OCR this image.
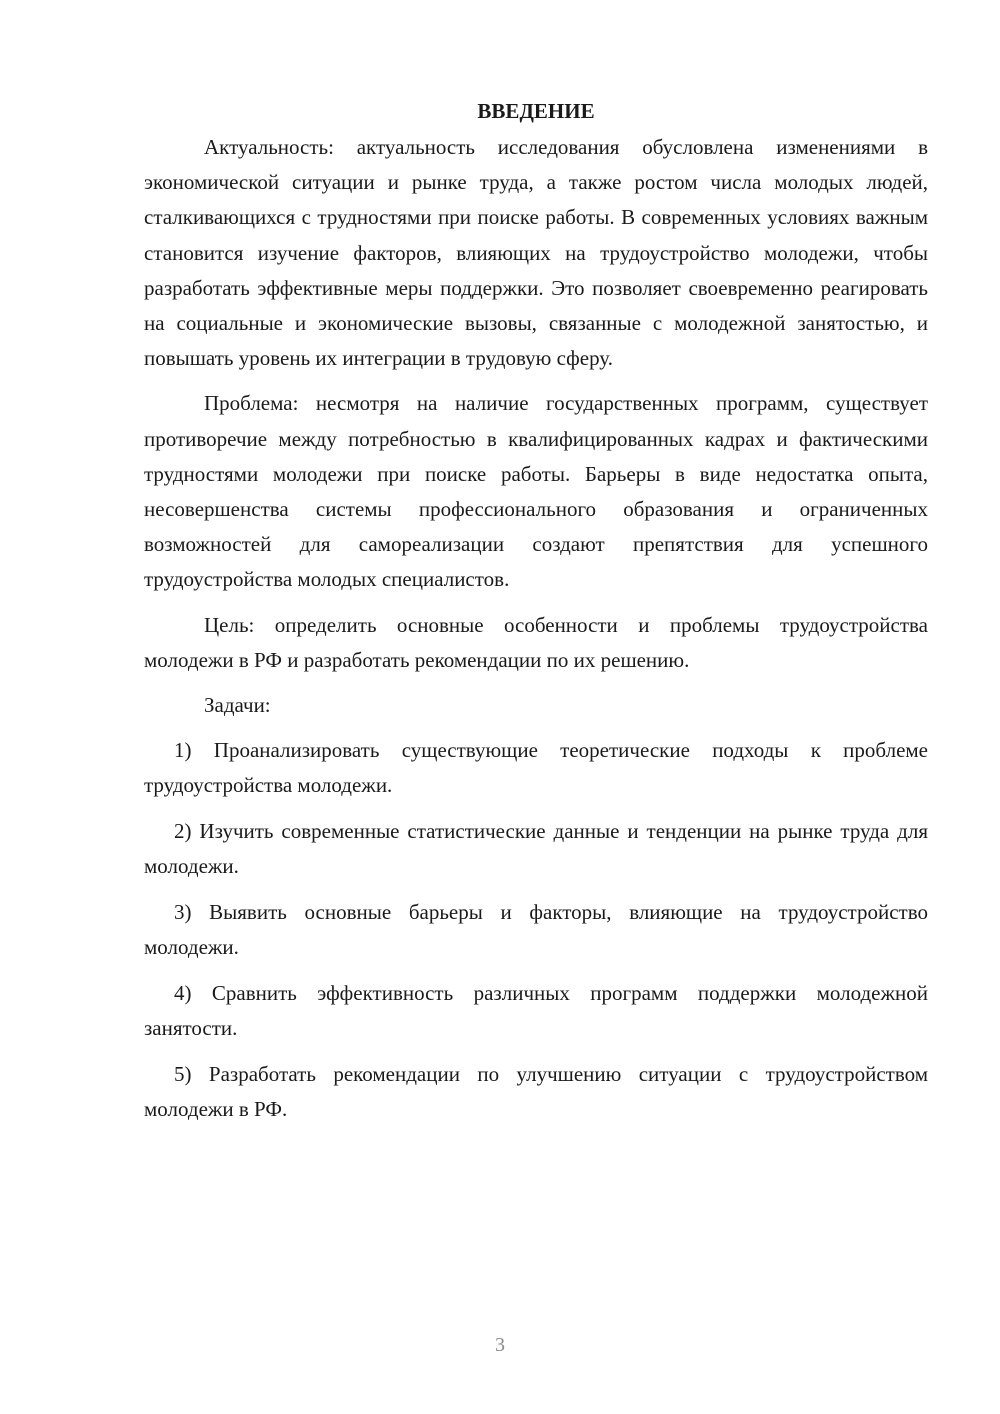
ВВЕДЕНИЕ

Актуальность: актуальность исследования обусловлена изменениями в экономической ситуации и рынке труда, а также ростом числа молодых людей, сталкивающихся с трудностями при поиске работы. В современных условиях важным становится изучение факторов, влияющих на трудоустройство молодежи, чтобы разработать эффективные меры поддержки. Это позволяет своевременно реагировать на социальные и экономические вызовы, связанные с молодежной занятостью, и повышать уровень их интеграции в трудовую сферу.

Проблема: несмотря на наличие государственных программ, существует противоречие между потребностью в квалифицированных кадрах и фактическими трудностями молодежи при поиске работы. Барьеры в виде недостатка опыта, несовершенства системы профессионального образования и ограниченных возможностей для самореализации создают препятствия для успешного трудоустройства молодых специалистов.

Цель: определить основные особенности и проблемы трудоустройства молодежи в РФ и разработать рекомендации по их решению.

Задачи:

1) Проанализировать существующие теоретические подходы к проблеме трудоустройства молодежи.

2) Изучить современные статистические данные и тенденции на рынке труда для молодежи.

3) Выявить основные барьеры и факторы, влияющие на трудоустройство молодежи.

4) Сравнить эффективность различных программ поддержки молодежной занятости.

5) Разработать рекомендации по улучшению ситуации с трудоустройством молодежи в РФ.

3
